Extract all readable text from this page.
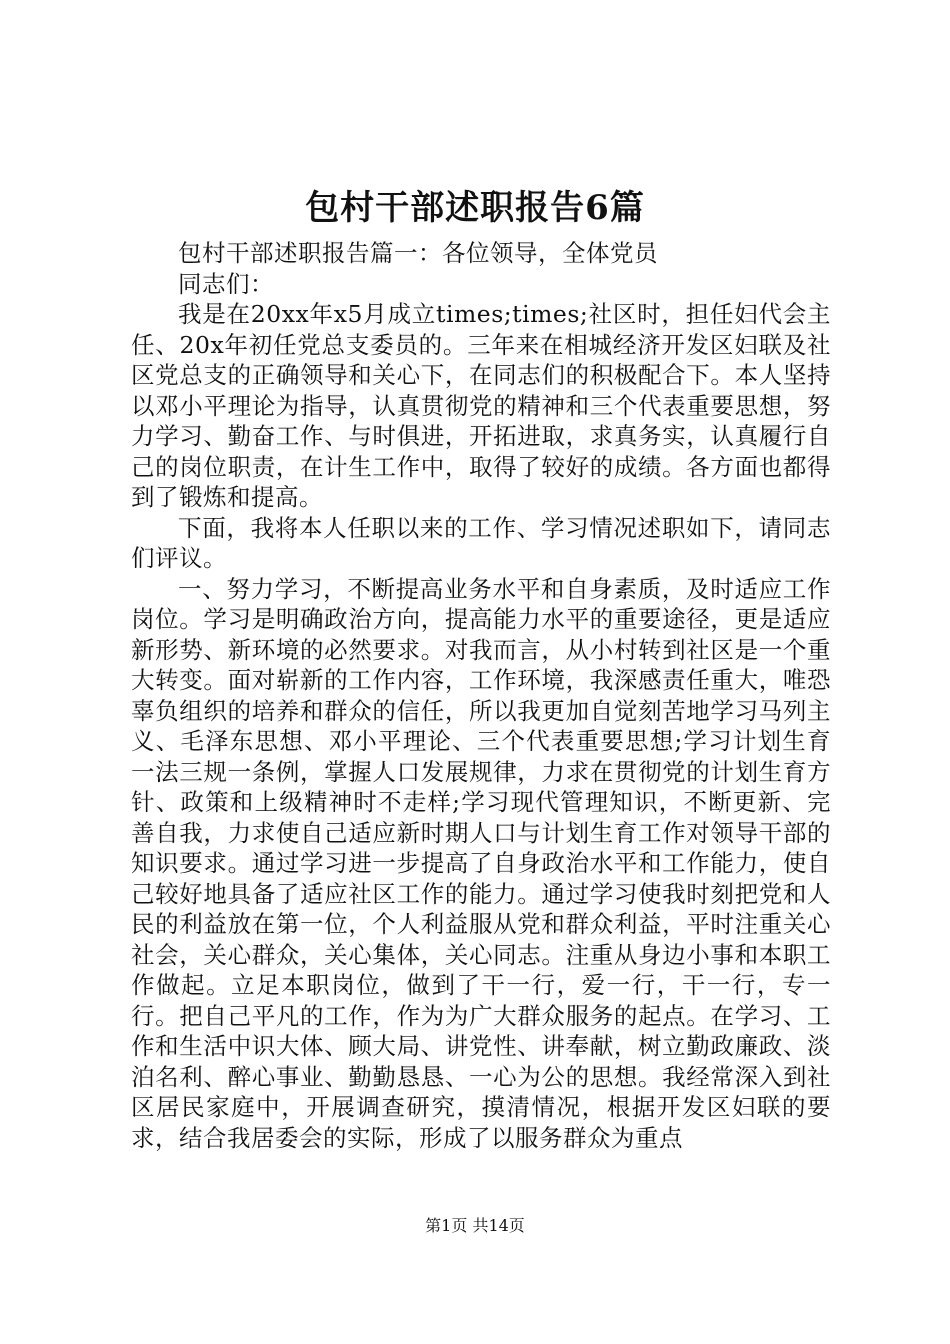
包村干部述职报告6篇

包村干部述职报告篇一：各位领导，全体党员

同志们：

我是在20xx年x5月成立times;times;社区时，担任妇代会主任、20x年初任党总支委员的。三年来在相城经济开发区妇联及社区党总支的正确领导和关心下，在同志们的积极配合下。本人坚持以邓小平理论为指导，认真贯彻党的精神和三个代表重要思想，努力学习、勤奋工作、与时俱进，开拓进取，求真务实，认真履行自己的岗位职责，在计生工作中，取得了较好的成绩。各方面也都得到了锻炼和提高。

下面，我将本人任职以来的工作、学习情况述职如下，请同志们评议。

一、努力学习，不断提高业务水平和自身素质，及时适应工作岗位。学习是明确政治方向，提高能力水平的重要途径，更是适应新形势、新环境的必然要求。对我而言，从小村转到社区是一个重大转变。面对崭新的工作内容，工作环境，我深感责任重大，唯恐辜负组织的培养和群众的信任，所以我更加自觉刻苦地学习马列主义、毛泽东思想、邓小平理论、三个代表重要思想;学习计划生育一法三规一条例，掌握人口发展规律，力求在贯彻党的计划生育方针、政策和上级精神时不走样;学习现代管理知识，不断更新、完善自我，力求使自己适应新时期人口与计划生育工作对领导干部的知识要求。通过学习进一步提高了自身政治水平和工作能力，使自己较好地具备了适应社区工作的能力。通过学习使我时刻把党和人民的利益放在第一位，个人利益服从党和群众利益，平时注重关心社会，关心群众，关心集体，关心同志。注重从身边小事和本职工作做起。立足本职岗位，做到了干一行，爱一行，干一行，专一行。把自己平凡的工作，作为为广大群众服务的起点。在学习、工作和生活中识大体、顾大局、讲党性、讲奉献，树立勤政廉政、淡泊名利、醉心事业、勤勤恳恳、一心为公的思想。我经常深入到社区居民家庭中，开展调查研究，摸清情况，根据开发区妇联的要求，结合我居委会的实际，形成了以服务群众为重点

第1页 共14页
